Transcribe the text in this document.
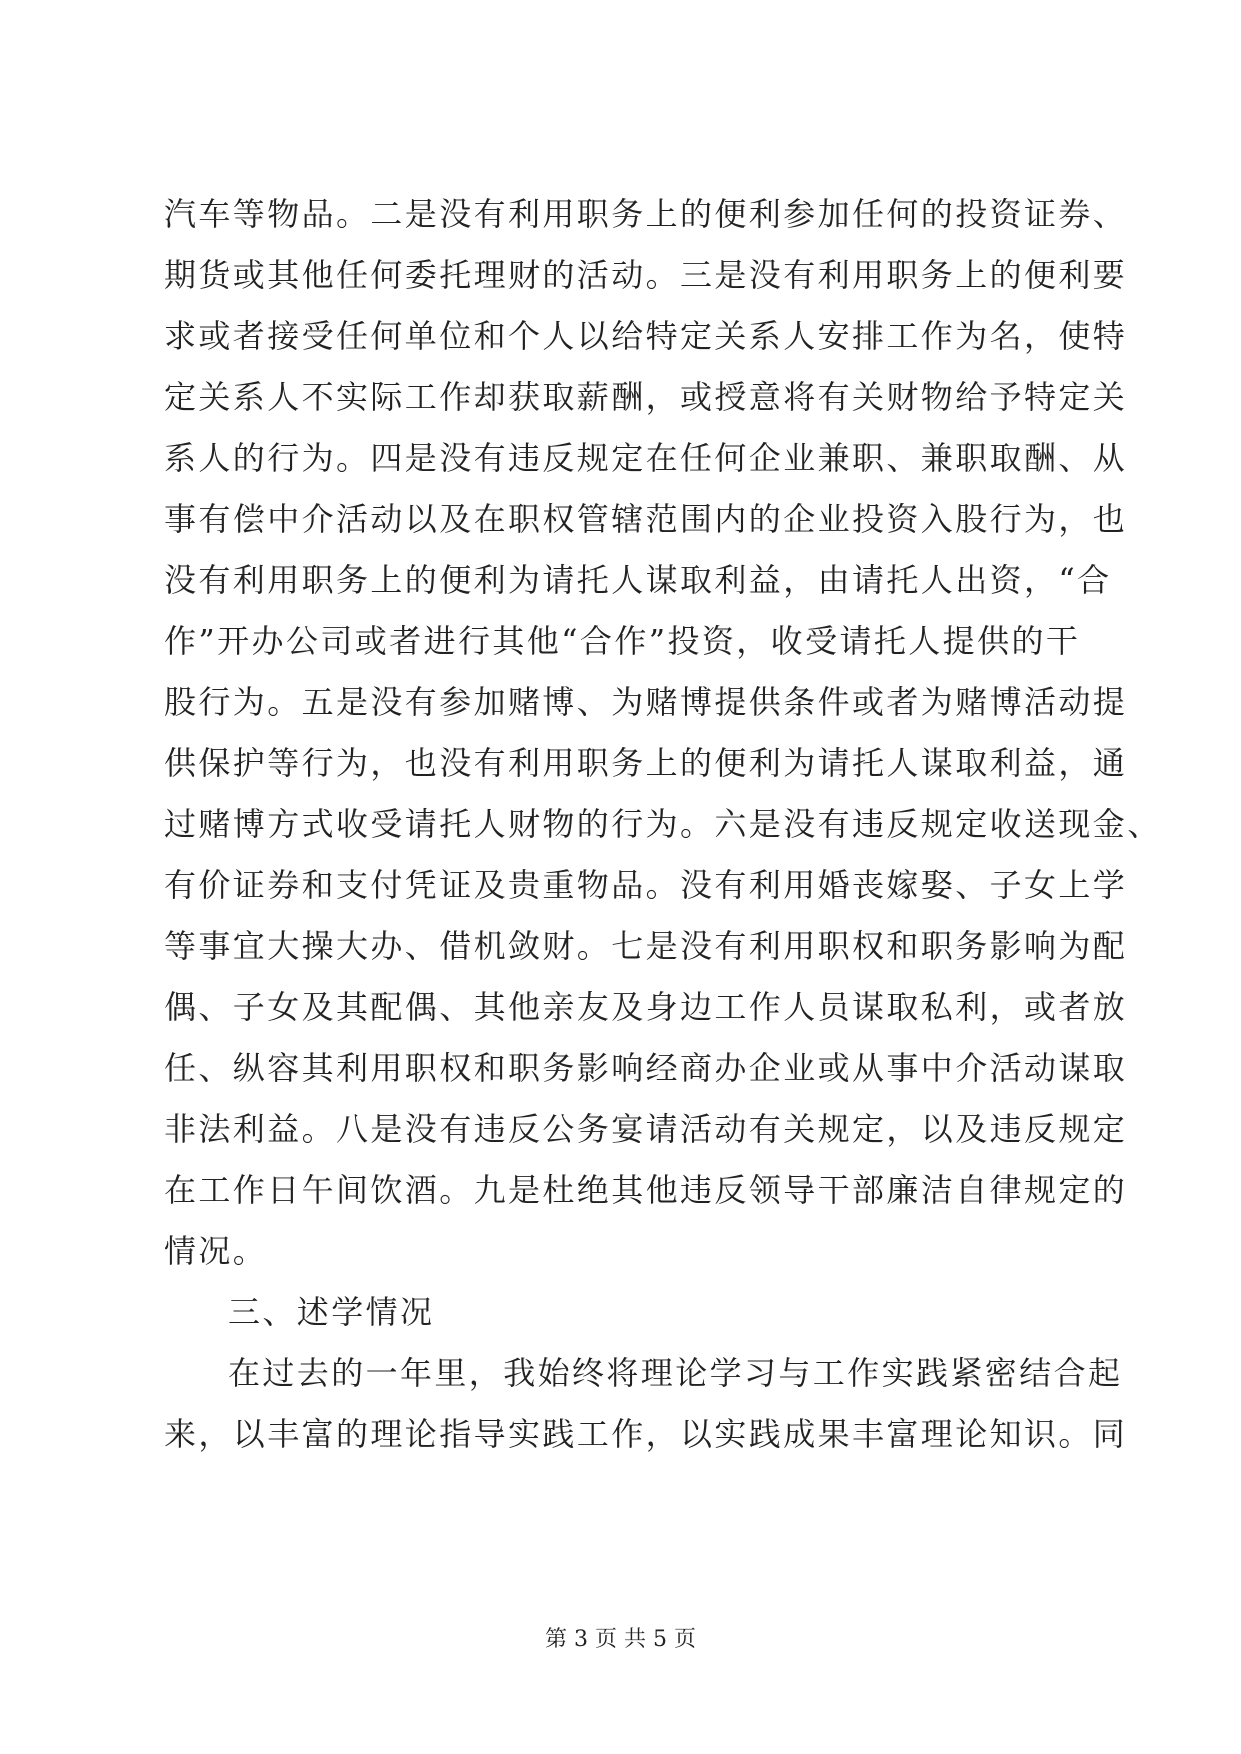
汽车等物品。二是没有利用职务上的便利参加任何的投资证券、
期货或其他任何委托理财的活动。三是没有利用职务上的便利要
求或者接受任何单位和个人以给特定关系人安排工作为名，使特
定关系人不实际工作却获取薪酬，或授意将有关财物给予特定关
系人的行为。四是没有违反规定在任何企业兼职、兼职取酬、从
事有偿中介活动以及在职权管辖范围内的企业投资入股行为，也
没有利用职务上的便利为请托人谋取利益，由请托人出资，“合
作”开办公司或者进行其他“合作”投资，收受请托人提供的干
股行为。五是没有参加赌博、为赌博提供条件或者为赌博活动提
供保护等行为，也没有利用职务上的便利为请托人谋取利益，通
过赌博方式收受请托人财物的行为。六是没有违反规定收送现金、
有价证券和支付凭证及贵重物品。没有利用婚丧嫁娶、子女上学
等事宜大操大办、借机敛财。七是没有利用职权和职务影响为配
偶、子女及其配偶、其他亲友及身边工作人员谋取私利，或者放
任、纵容其利用职权和职务影响经商办企业或从事中介活动谋取
非法利益。八是没有违反公务宴请活动有关规定，以及违反规定
在工作日午间饮酒。九是杜绝其他违反领导干部廉洁自律规定的
情况。
三、述学情况
在过去的一年里，我始终将理论学习与工作实践紧密结合起
来，以丰富的理论指导实践工作，以实践成果丰富理论知识。同
第 3 页 共 5 页
